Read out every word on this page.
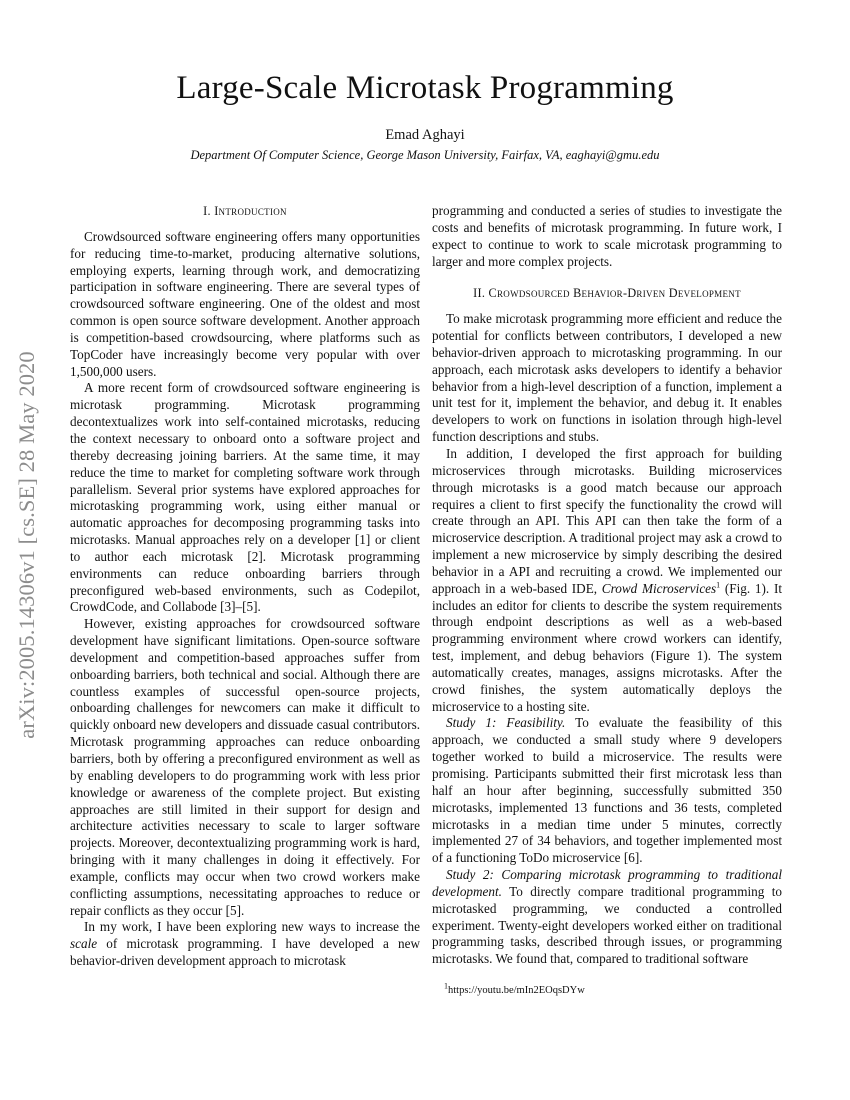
arXiv:2005.14306v1 [cs.SE] 28 May 2020
Large-Scale Microtask Programming
Emad Aghayi
Department Of Computer Science, George Mason University, Fairfax, VA, eaghayi@gmu.edu
I. Introduction

Crowdsourced software engineering offers many opportunities for reducing time-to-market, producing alternative solutions, employing experts, learning through work, and democratizing participation in software engineering. There are several types of crowdsourced software engineering. One of the oldest and most common is open source software development. Another approach is competition-based crowdsourcing, where platforms such as TopCoder have increasingly become very popular with over 1,500,000 users.

A more recent form of crowdsourced software engineering is microtask programming. Microtask programming decontextualizes work into self-contained microtasks, reducing the context necessary to onboard onto a software project and thereby decreasing joining barriers. At the same time, it may reduce the time to market for completing software work through parallelism. Several prior systems have explored approaches for microtasking programming work, using either manual or automatic approaches for decomposing programming tasks into microtasks. Manual approaches rely on a developer [1] or client to author each microtask [2]. Microtask programming environments can reduce onboarding barriers through preconfigured web-based environments, such as Codepilot, CrowdCode, and Collabode [3]–[5].

However, existing approaches for crowdsourced software development have significant limitations. Open-source software development and competition-based approaches suffer from onboarding barriers, both technical and social. Although there are countless examples of successful open-source projects, onboarding challenges for newcomers can make it difficult to quickly onboard new developers and dissuade casual contributors. Microtask programming approaches can reduce onboarding barriers, both by offering a preconfigured environment as well as by enabling developers to do programming work with less prior knowledge or awareness of the complete project. But existing approaches are still limited in their support for design and architecture activities necessary to scale to larger software projects. Moreover, decontextualizing programming work is hard, bringing with it many challenges in doing it effectively. For example, conflicts may occur when two crowd workers make conflicting assumptions, necessitating approaches to reduce or repair conflicts as they occur [5].

In my work, I have been exploring new ways to increase the scale of microtask programming. I have developed a new behavior-driven development approach to microtask

programming and conducted a series of studies to investigate the costs and benefits of microtask programming. In future work, I expect to continue to work to scale microtask programming to larger and more complex projects.

II. Crowdsourced Behavior-Driven Development

To make microtask programming more efficient and reduce the potential for conflicts between contributors, I developed a new behavior-driven approach to microtasking programming. In our approach, each microtask asks developers to identify a behavior behavior from a high-level description of a function, implement a unit test for it, implement the behavior, and debug it. It enables developers to work on functions in isolation through high-level function descriptions and stubs.

In addition, I developed the first approach for building microservices through microtasks. Building microservices through microtasks is a good match because our approach requires a client to first specify the functionality the crowd will create through an API. This API can then take the form of a microservice description. A traditional project may ask a crowd to implement a new microservice by simply describing the desired behavior in a API and recruiting a crowd. We implemented our approach in a web-based IDE, Crowd Microservices$^1$ (Fig. 1). It includes an editor for clients to describe the system requirements through endpoint descriptions as well as a web-based programming environment where crowd workers can identify, test, implement, and debug behaviors (Figure 1). The system automatically creates, manages, assigns microtasks. After the crowd finishes, the system automatically deploys the microservice to a hosting site.

Study 1: Feasibility. To evaluate the feasibility of this approach, we conducted a small study where 9 developers together worked to build a microservice. The results were promising. Participants submitted their first microtask less than half an hour after beginning, successfully submitted 350 microtasks, implemented 13 functions and 36 tests, completed microtasks in a median time under 5 minutes, correctly implemented 27 of 34 behaviors, and together implemented most of a functioning ToDo microservice [6].

Study 2: Comparing microtask programming to traditional development. To directly compare traditional programming to microtasked programming, we conducted a controlled experiment. Twenty-eight developers worked either on traditional programming tasks, described through issues, or programming microtasks. We found that, compared to traditional software

$^1$https://youtu.be/mIn2EOqsDYw
